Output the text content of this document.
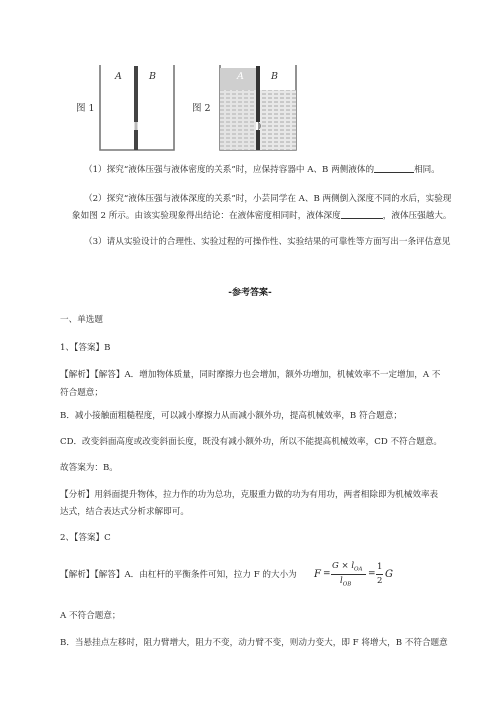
图 1
A	B
图 2
A	B
（1）探究“液体压强与液体密度的关系”时，应保持容器中 A、B 两侧液体的	相同。
（2）探究“液体压强与液体深度的关系”时，小芸同学在 A、B 两侧倒入深度不同的水后，实验现
象如图 2 所示。由该实验现象得出结论：在液体密度相同时，液体深度	，液体压强越大。
（3）请从实验设计的合理性、实验过程的可操作性、实验结果的可靠性等方面写出一条评估意见
-参考答案-
一、单选题
1、【答案】B
【解析】【解答】A．增加物体质量，同时摩擦力也会增加，额外功增加，机械效率不一定增加，A 不
符合题意；
B．减小接触面粗糙程度，可以减小摩擦力从而减小额外功，提高机械效率，B 符合题意；
CD．改变斜面高度或改变斜面长度，既没有减小额外功，所以不能提高机械效率，CD 不符合题意。
故答案为：B。
【分析】用斜面提升物体，拉力作的功为总功，克服重力做的功为有用功，两者相除即为机械效率表
达式，结合表达式分析求解即可。
2、【答案】C
【解析】【解答】A．由杠杆的平衡条件可知，拉力 F 的大小为 F =
$G \times l_{OA}$
$l_{OB}$
=
1
2
G
A 不符合题意；
B．当悬挂点左移时，阻力臂增大，阻力不变，动力臂不变，则动力变大，即 F 将增大，B 不符合题意
